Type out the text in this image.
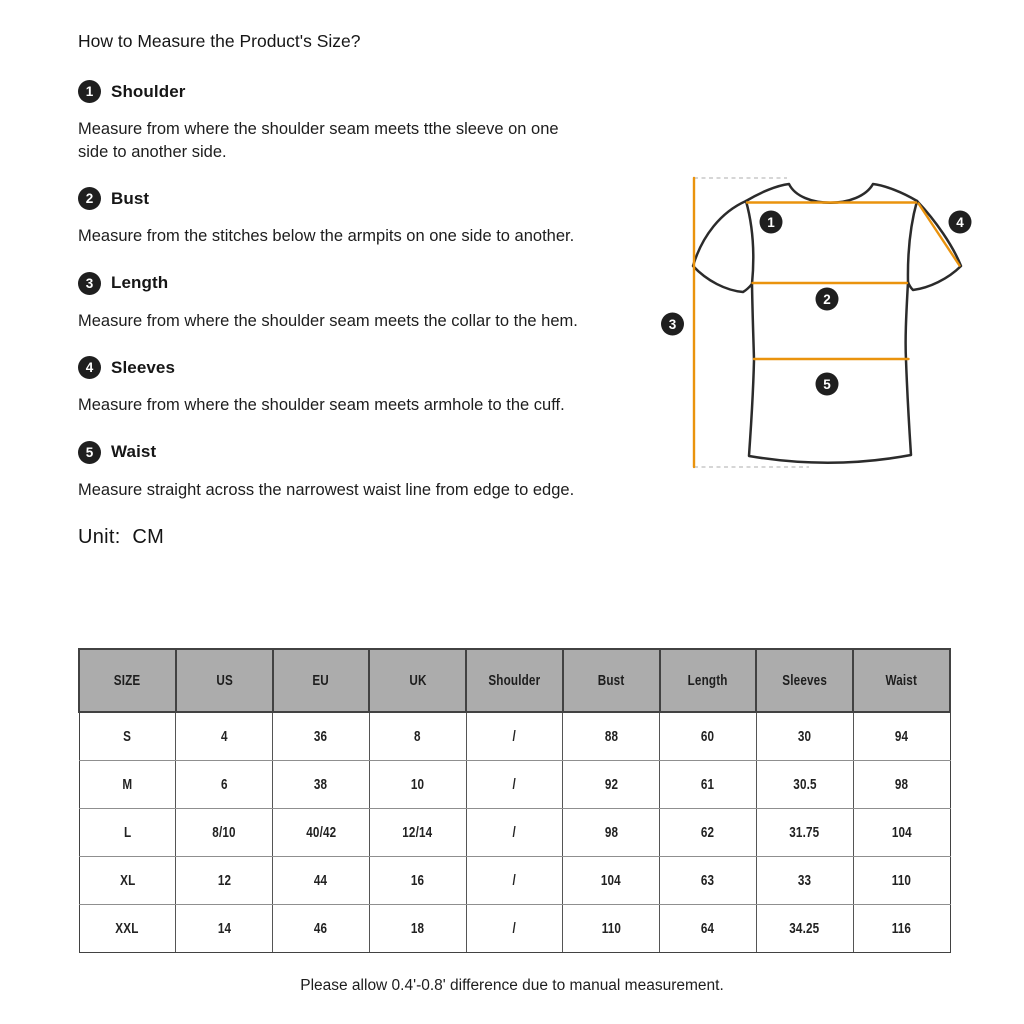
How to Measure the Product's Size?
1	Shoulder

Measure from where the shoulder seam meets tthe sleeve on one side to another side.

2	Bust

Measure from the stitches below the armpits on one side to another.

3	Length

Measure from where the shoulder seam meets the collar to the hem.

4	Sleeves

Measure from where the shoulder seam meets armhole to the cuff.

5	Waist

Measure straight across the narrowest waist line from edge to edge.

Unit:  CM
1
2
3
4
5
SIZE	US	EU	UK	Shoulder	Bust	Length	Sleeves	Waist
S	4	36	8	/	88	60	30	94
M	6	38	10	/	92	61	30.5	98
L	8/10	40/42	12/14	/	98	62	31.75	104
XL	12	44	16	/	104	63	33	110
XXL	14	46	18	/	110	64	34.25	116
Please allow 0.4'-0.8' difference due to manual measurement.
